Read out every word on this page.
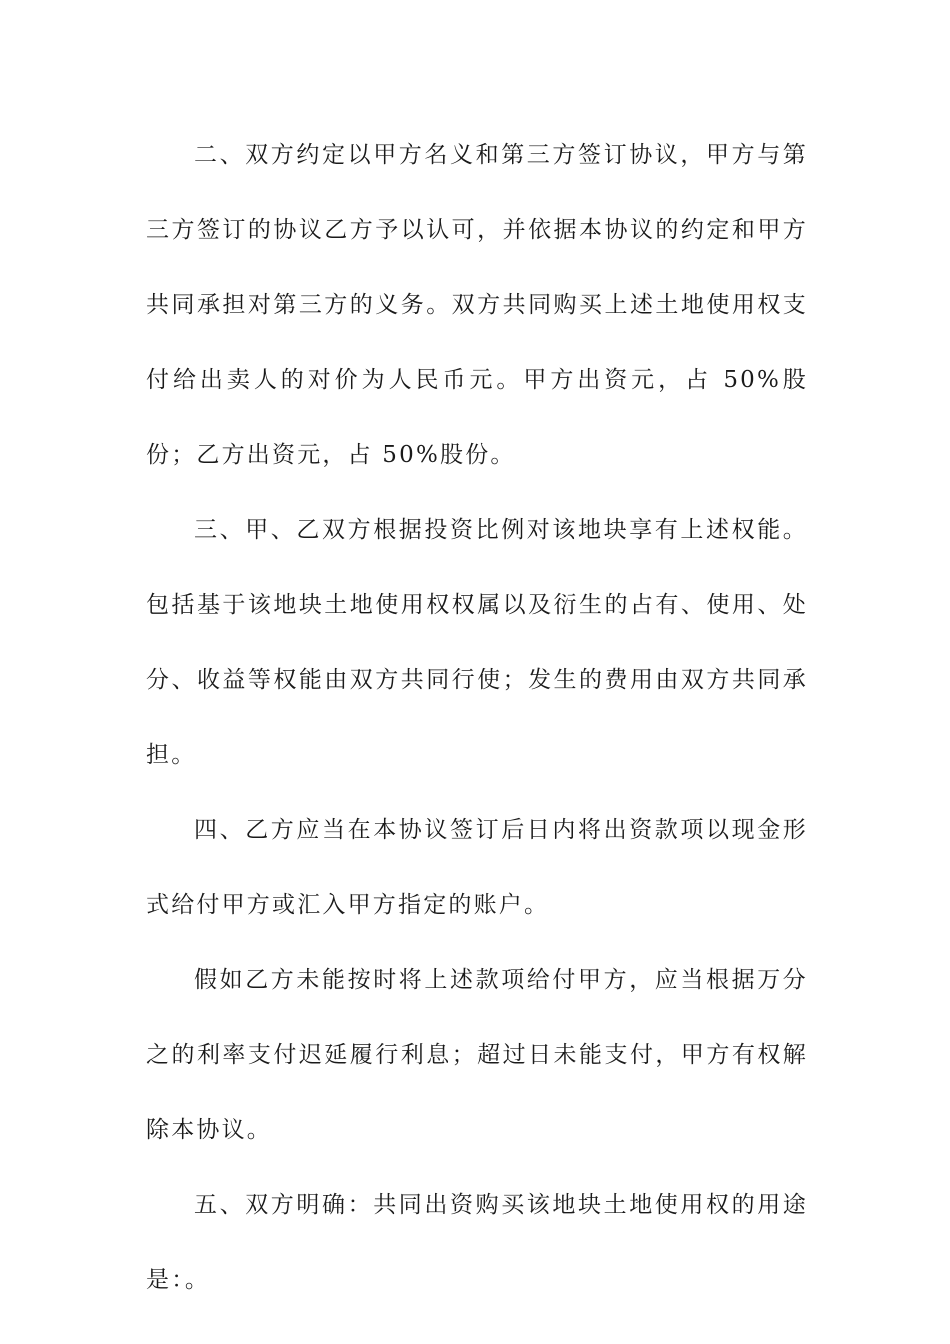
二、双方约定以甲方名义和第三方签订协议，甲方与第三方签订的协议乙方予以认可，并依据本协议的约定和甲方共同承担对第三方的义务。双方共同购买上述土地使用权支付给出卖人的对价为人民币元。甲方出资元，占 50%股份；乙方出资元，占 50%股份。

三、甲、乙双方根据投资比例对该地块享有上述权能。包括基于该地块土地使用权权属以及衍生的占有、使用、处分、收益等权能由双方共同行使；发生的费用由双方共同承担。

四、乙方应当在本协议签订后日内将出资款项以现金形式给付甲方或汇入甲方指定的账户。

假如乙方未能按时将上述款项给付甲方，应当根据万分之的利率支付迟延履行利息；超过日未能支付，甲方有权解除本协议。

五、双方明确：共同出资购买该地块土地使用权的用途是：。
